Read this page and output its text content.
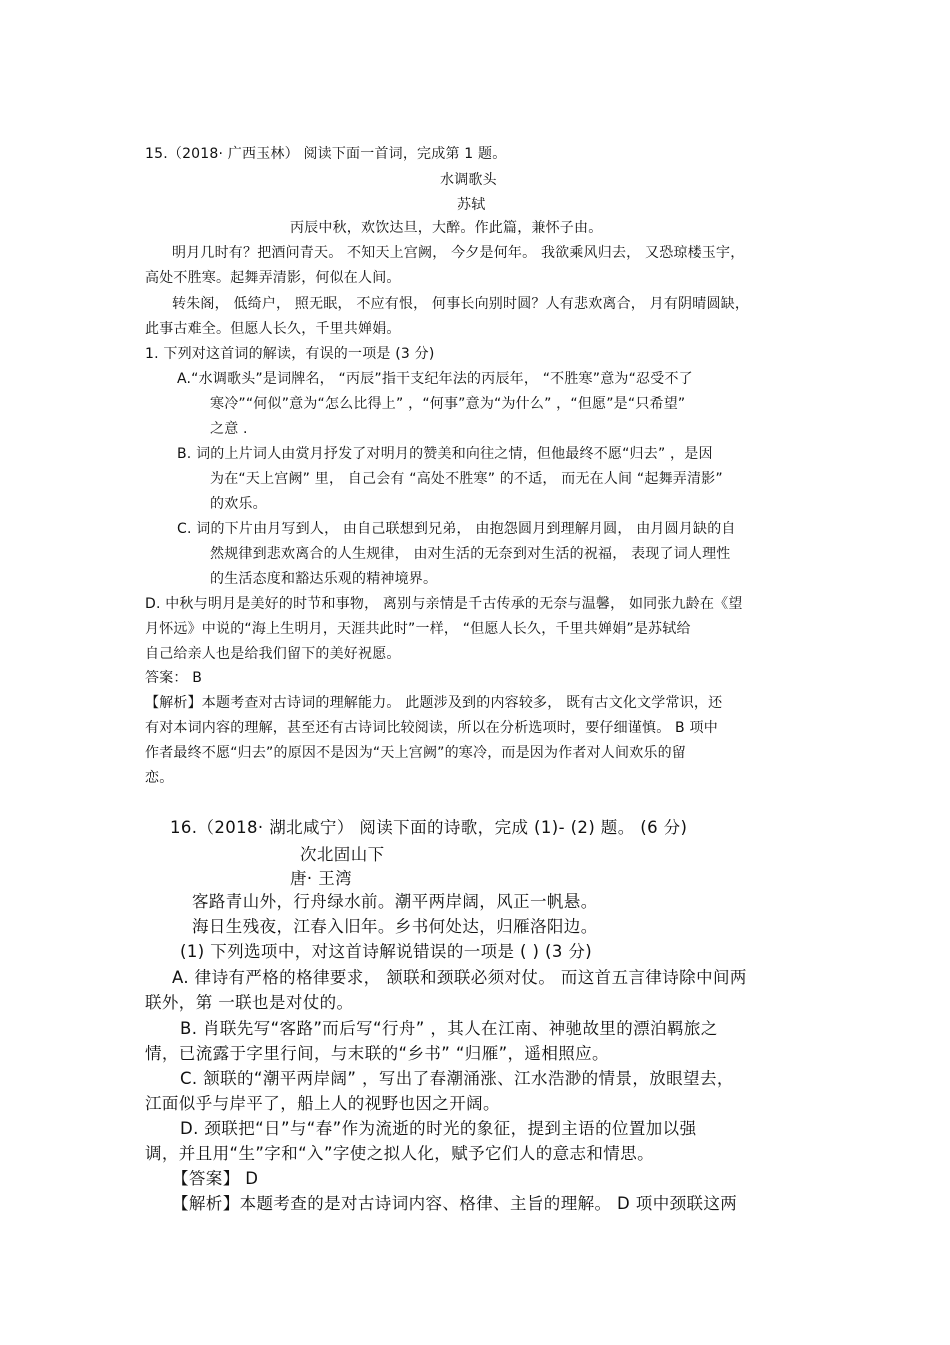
15.（2018· 广西玉林） 阅读下面一首词，完成第 1 题。
水调歌头
苏轼
丙辰中秋，欢饮达旦，大醉。作此篇，兼怀子由。
明月几时有？把酒问青天。 不知天上宫阙， 今夕是何年。 我欲乘风归去， 又恐琼楼玉宇，
高处不胜寒。起舞弄清影，何似在人间。
转朱阁， 低绮户， 照无眠， 不应有恨， 何事长向别时圆？人有悲欢离合， 月有阴晴圆缺，
此事古难全。但愿人长久，千里共婵娟。
1. 下列对这首词的解读，有误的一项是 (3 分)
A.“水调歌头”是词牌名， “丙辰”指干支纪年法的丙辰年， “不胜寒”意为“忍受不了
寒冷”“何似”意为“怎么比得上” ，“何事”意为“为什么” ，“但愿”是“只希望”
之意 .
B. 词的上片词人由赏月抒发了对明月的赞美和向往之情，但他最终不愿“归去” ，是因
为在“天上宫阙” 里， 自己会有 “高处不胜寒” 的不适， 而无在人间 “起舞弄清影”
的欢乐。
C. 词的下片由月写到人， 由自己联想到兄弟， 由抱怨圆月到理解月圆， 由月圆月缺的自
然规律到悲欢离合的人生规律， 由对生活的无奈到对生活的祝福， 表现了词人理性
的生活态度和豁达乐观的精神境界。
D. 中秋与明月是美好的时节和事物， 离别与亲情是千古传承的无奈与温馨， 如同张九龄在《望
月怀远》中说的“海上生明月，天涯共此时”一样， “但愿人长久，千里共婵娟”是苏轼给
自己给亲人也是给我们留下的美好祝愿。
答案： B
【解析】本题考查对古诗词的理解能力。 此题涉及到的内容较多， 既有古文化文学常识，还
有对本词内容的理解，甚至还有古诗词比较阅读，所以在分析选项时，要仔细谨慎。 B 项中
作者最终不愿“归去”的原因不是因为“天上宫阙”的寒冷，而是因为作者对人间欢乐的留
恋。
16.（2018· 湖北咸宁） 阅读下面的诗歌，完成 (1)- (2) 题。 (6 分)
次北固山下
唐· 王湾
客路青山外，行舟绿水前。潮平两岸阔，风正一帆悬。
海日生残夜，江春入旧年。乡书何处达，归雁洛阳边。
(1) 下列选项中，对这首诗解说错误的一项是 ( ) (3 分)
A. 律诗有严格的格律要求， 颔联和颈联必须对仗。 而这首五言律诗除中间两
联外，第 一联也是对仗的。
B. 肖联先写“客路”而后写“行舟” ，其人在江南、神驰故里的漂泊羁旅之
情，已流露于字里行间，与末联的“乡书” “归雁”，遥相照应。
C. 颔联的“潮平两岸阔” ，写出了春潮涌涨、江水浩渺的情景，放眼望去，
江面似乎与岸平了，船上人的视野也因之开阔。
D. 颈联把“日”与“春”作为流逝的时光的象征，提到主语的位置加以强
调，并且用“生”字和“入”字使之拟人化，赋予它们人的意志和情思。
【答案】 D
【解析】本题考查的是对古诗词内容、格律、主旨的理解。 D 项中颈联这两
